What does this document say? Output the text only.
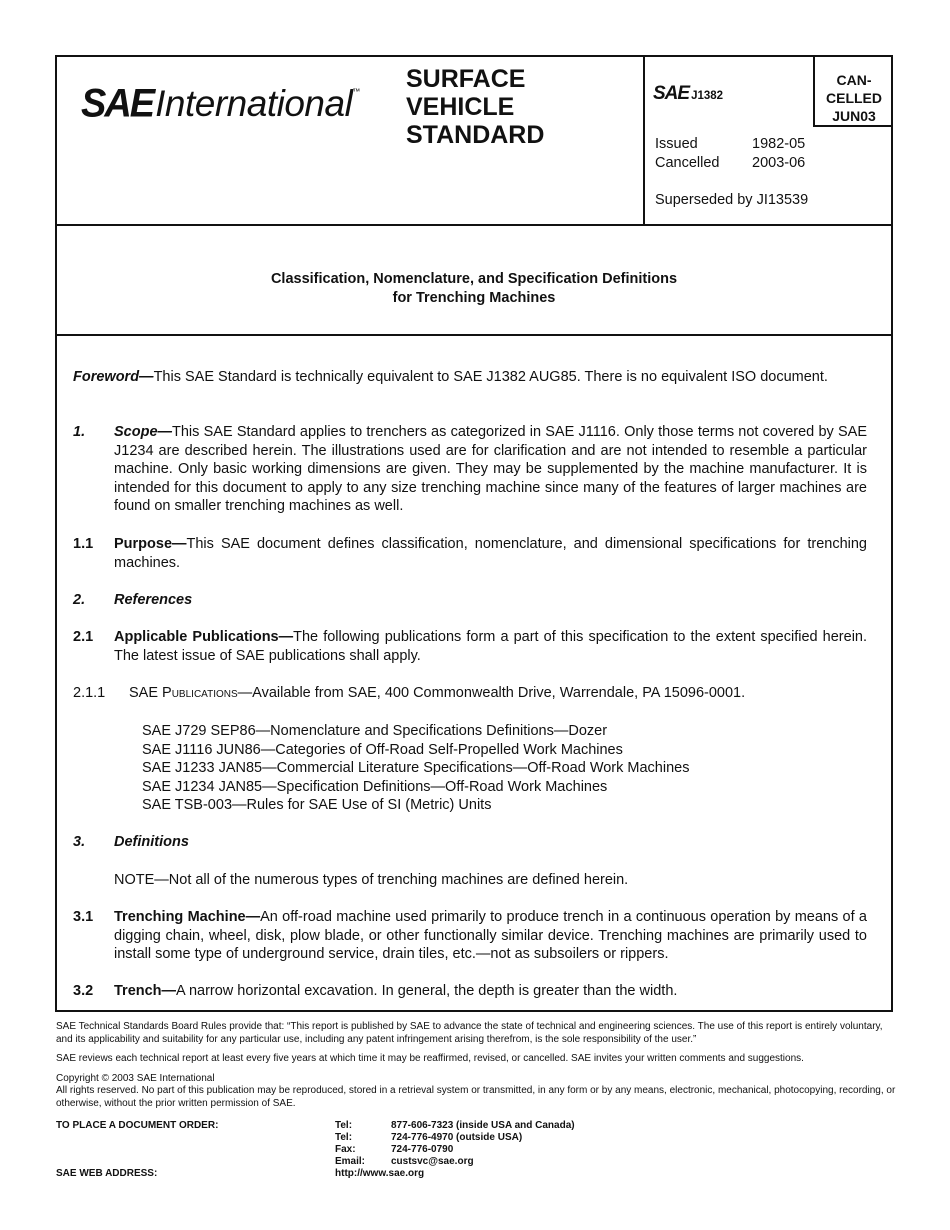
SAEInternational™ SURFACE
VEHICLE
STANDARD
SAE J1382
CAN-
CELLED
JUN03
Issued	1982-05
Cancelled	2003-06
Superseded by JI13539
Classification, Nomenclature, and Specification Definitions
for Trenching Machines
Foreword—This SAE Standard is technically equivalent to SAE J1382 AUG85. There is no equivalent ISO document.
1. Scope—This SAE Standard applies to trenchers as categorized in SAE J1116. Only those terms not covered by SAE J1234 are described herein. The illustrations used are for clarification and are not intended to resemble a particular machine. Only basic working dimensions are given. They may be supplemented by the machine manufacturer. It is intended for this document to apply to any size trenching machine since many of the features of larger machines are found on smaller trenching machines as well.
1.1 Purpose—This SAE document defines classification, nomenclature, and dimensional specifications for trenching machines.
2. References
2.1 Applicable Publications—The following publications form a part of this specification to the extent specified herein. The latest issue of SAE publications shall apply.
2.1.1 SAE Publications—Available from SAE, 400 Commonwealth Drive, Warrendale, PA 15096-0001.
SAE J729 SEP86—Nomenclature and Specifications Definitions—Dozer
SAE J1116 JUN86—Categories of Off-Road Self-Propelled Work Machines
SAE J1233 JAN85—Commercial Literature Specifications—Off-Road Work Machines
SAE J1234 JAN85—Specification Definitions—Off-Road Work Machines
SAE TSB-003—Rules for SAE Use of SI (Metric) Units
3. Definitions
NOTE—Not all of the numerous types of trenching machines are defined herein.
3.1 Trenching Machine—An off-road machine used primarily to produce trench in a continuous operation by means of a digging chain, wheel, disk, plow blade, or other functionally similar device. Trenching machines are primarily used to install some type of underground service, drain tiles, etc.—not as subsoilers or rippers.
3.2 Trench—A narrow horizontal excavation. In general, the depth is greater than the width.
SAE Technical Standards Board Rules provide that: “This report is published by SAE to advance the state of technical and engineering sciences. The use of this report is entirely voluntary, and its applicability and suitability for any particular use, including any patent infringement arising therefrom, is the sole responsibility of the user.”
SAE reviews each technical report at least every five years at which time it may be reaffirmed, revised, or cancelled. SAE invites your written comments and suggestions.
Copyright © 2003 SAE International
All rights reserved. No part of this publication may be reproduced, stored in a retrieval system or transmitted, in any form or by any means, electronic, mechanical, photocopying, recording, or otherwise, without the prior written permission of SAE.
TO PLACE A DOCUMENT ORDER:
SAE WEB ADDRESS:
Tel:	877-606-7323 (inside USA and Canada)
Tel:	724-776-4970 (outside USA)
Fax:	724-776-0790
Email:	custsvc@sae.org
http://www.sae.org
